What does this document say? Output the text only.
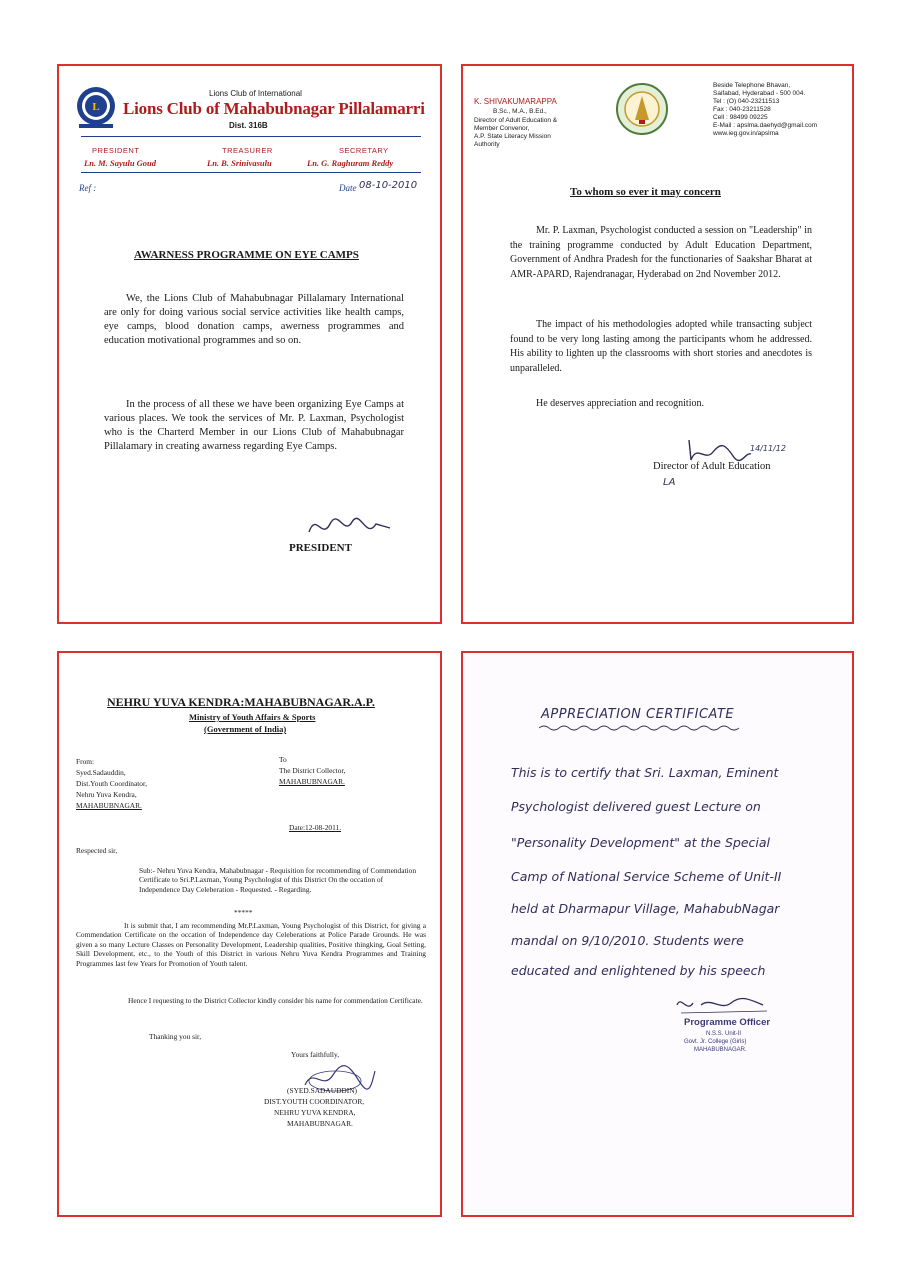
L
Lions Club of International
Lions Club of Mahabubnagar Pillalamarri
Dist. 316B
PRESIDENT
Ln. M. Sayulu Goud
TREASURER
Ln. B. Srinivasulu
SECRETARY
Ln. G. Raghuram Reddy
Ref :	Date 08-10-2010
AWARNESS PROGRAMME ON EYE CAMPS
We, the Lions Club of Mahabubnagar Pillalamary International are only for doing various social service activities like health camps, eye camps, blood donation camps, awerness programmes and education motivational programmes and so on.
In the process of all these we have been organizing Eye Camps at various places. We took the services of Mr. P. Laxman, Psychologist who is the Charterd Member in our Lions Club of Mahabubnagar Pillalamary in creating awarness regarding Eye Camps.
PRESIDENT
K. SHIVAKUMARAPPA
B.Sc., M.A., B.Ed.,
Director of Adult Education &
Member Convenor,
A.P. State Literacy Mission
Authority
Beside Telephone Bhavan,
Saifabad, Hyderabad - 500 004.
Tel : (O) 040-23211513
Fax : 040-23211528
Cell : 98499 09225
E-Mail : apslma.daehyd@gmail.com
www.ieg.gov.in/apslma
To whom so ever it may concern
Mr. P. Laxman, Psychologist conducted a session on "Leadership" in the training programme conducted by Adult Education Department, Government of Andhra Pradesh for the functionaries of Saakshar Bharat at AMR-APARD, Rajendranagar, Hyderabad on 2nd November 2012.
The impact of his methodologies adopted while transacting subject found to be very long lasting among the participants whom he addressed. His ability to lighten up the classrooms with short stories and anecdotes is unparalleled.
He deserves appreciation and recognition.
14/11/12
Director of Adult Education
LA
NEHRU YUVA KENDRA:MAHABUBNAGAR.A.P.
Ministry of Youth Affairs & Sports
(Government of India)
From:
Syed.Sadauddin,
Dist.Youth Coordinator,
Nehru Yuva Kendra,
MAHABUBNAGAR.
To
The District Collector,
MAHABUBNAGAR.
Date:12-08-2011.
Respected sir,
Sub:- Nehru Yuva Kendra, Mahabubnagar - Requisition for recommending of Commendation Certificate to Sri.P.Laxman, Young Psychologist of this District On the occation of Independence Day Celeberation - Requested. - Regarding.
*****
It is submit that, I am recommending Mr.P.Laxman, Young Psychologist of this District, for giving a Commendation Certificate on the occation of Independence day Celeberations at Police Parade Grounds. He was given a so many Lecture Classes on Personality Development, Leadership qualities, Positive thingking, Goal Setting, Skill Development, etc., to the Youth of this District in various Nehru Yuva Kendra Programmes and Training Programmes last few Years for Promotion of Youth talent.
Hence I requesting to the District Collector kindly consider his name for commendation Certificate.
Thanking you sir,
Yours faithfully,
(SYED.SADAUDDIN)
DIST.YOUTH COORDINATOR,
NEHRU YUVA KENDRA,
MAHABUBNAGAR.
APPRECIATION CERTIFICATE
This is to certify that Sri. Laxman, Eminent
Psychologist delivered guest Lecture on
"Personality Development" at the Special
Camp of National Service Scheme of Unit-II
held at Dharmapur Village, MahabubNagar
mandal on 9/10/2010. Students were
educated and enlightened by his speech
Programme Officer
N.S.S. Unit-II
Govt. Jr. College (Girls)
MAHABUBNAGAR.
